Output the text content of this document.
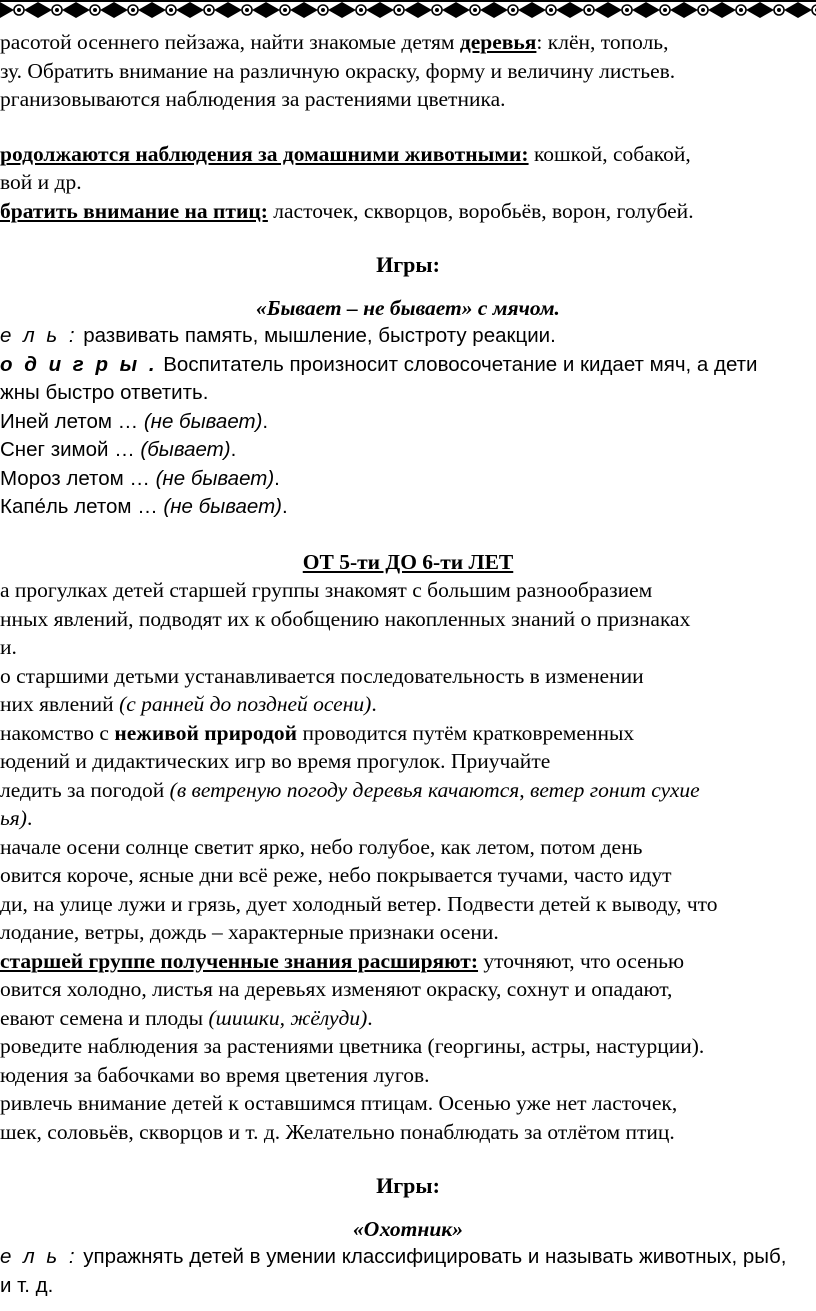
расотой осеннего пейзажа, найти знакомые детям деревья: клён, тополь,
зу. Обратить внимание на различную окраску, форму и величину листьев.
рганизовываются наблюдения за растениями цветника.
родолжаются наблюдения за домашними животными: кошкой, собакой,
вой и др.
братить внимание на птиц: ласточек, скворцов, воробьёв, ворон, голубей.
Игры:
«Бывает – не бывает» с мячом.
е л ь : развивать память, мышление, быстроту реакции.
о д и г р ы . Воспитатель произносит словосочетание и кидает мяч, а дети
жны быстро ответить.
Иней летом … (не бывает).
Снег зимой … (бывает).
Мороз летом … (не бывает).
Капе́ль летом … (не бывает).
ОТ 5-ти ДО 6-ти ЛЕТ
а прогулках детей старшей группы знакомят с большим разнообразием
нных явлений, подводят их к обобщению накопленных знаний о признаках
и.
о старшими детьми устанавливается последовательность в изменении
них явлений (с ранней до поздней осени).
накомство с неживой природой проводится путём кратковременных
юдений и дидактических игр во время прогулок. Приучайте
ледить за погодой (в ветреную погоду деревья качаются, ветер гонит сухие
ья).
начале осени солнце светит ярко, небо голубое, как летом, потом день
овится короче, ясные дни всё реже, небо покрывается тучами, часто идут
ди, на улице лужи и грязь, дует холодный ветер. Подвести детей к выводу, что
лодание, ветры, дождь – характерные признаки осени.
старшей группе полученные знания расширяют: уточняют, что осенью
овится холодно, листья на деревьях изменяют окраску, сохнут и опадают,
евают семена и плоды (шишки, жёлуди).
роведите наблюдения за растениями цветника (георгины, астры, настурции).
юдения за бабочками во время цветения лугов.
ривлечь внимание детей к оставшимся птицам. Осенью уже нет ласточек,
шек, соловьёв, скворцов и т. д. Желательно понаблюдать за отлётом птиц.
Игры:
«Охотник»
е л ь : упражнять детей в умении классифицировать и называть животных, рыб,
и т. д.
